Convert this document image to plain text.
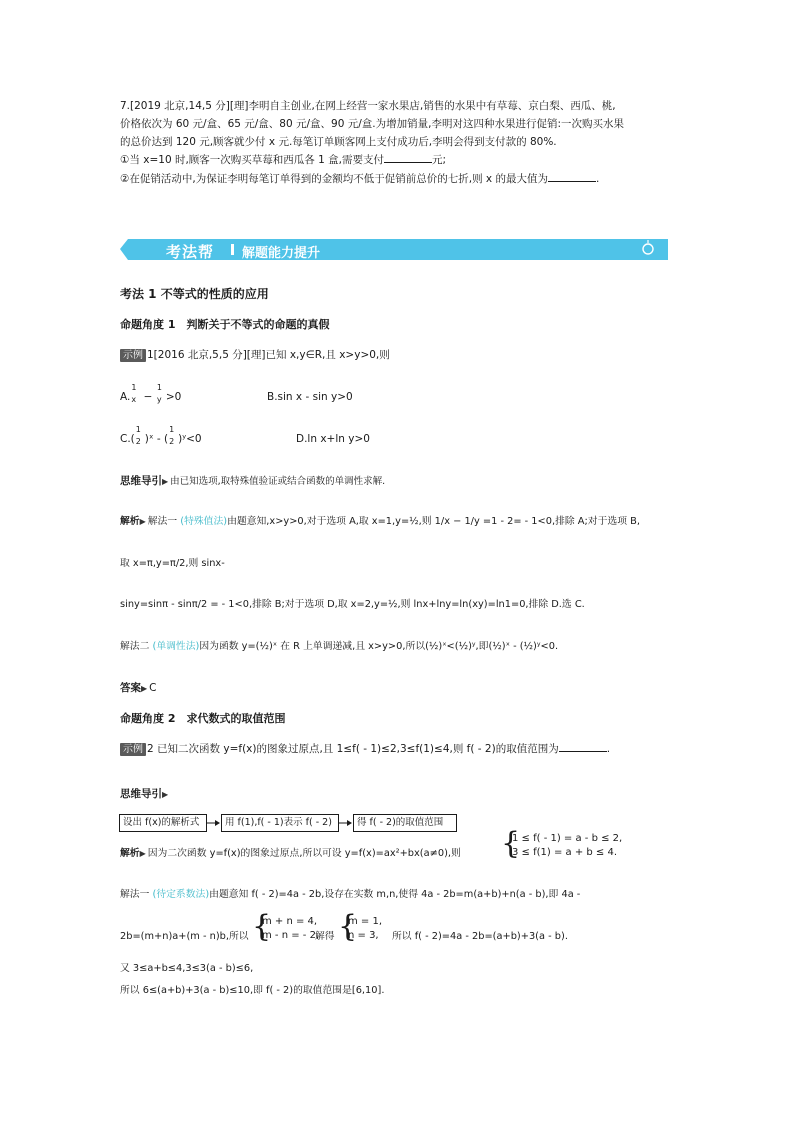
7.[2019 北京,14,5 分][理]李明自主创业,在网上经营一家水果店,销售的水果中有草莓、京白梨、西瓜、桃,
价格依次为 60 元/盒、65 元/盒、80 元/盒、90 元/盒.为增加销量,李明对这四种水果进行促销:一次购买水果
的总价达到 120 元,顾客就少付 x 元.每笔订单顾客网上支付成功后,李明会得到支付款的 80%.
①当 x=10 时,顾客一次购买草莓和西瓜各 1 盒,需要支付	元;
②在促销活动中,为保证李明每笔订单得到的金额均不低于促销前总价的七折,则 x 的最大值为	.
考法帮 解题能力提升
考法 1 不等式的性质的应用
命题角度 1　判断关于不等式的命题的真假
示例 1[2016 北京,5,5 分][理]已知 x,y∈R,且 x>y>0,则
A.
1
x −
1
y >0	B.sin x - sin y>0
C.(
1
2 )ˣ - (
1
2 )ʸ<0	D.ln x+ln y>0
思维导引▶ 由已知选项,取特殊值验证或结合函数的单调性求解.
解析▶ 解法一 (特殊值法)由题意知,x>y>0,对于选项 A,取 x=1,y=½,则 1/x − 1/y =1 - 2= - 1<0,排除 A;对于选项 B,
取 x=π,y=π/2,则 sinx-
siny=sinπ - sinπ/2 = - 1<0,排除 B;对于选项 D,取 x=2,y=½,则 lnx+lny=ln(xy)=ln1=0,排除 D.选 C.
解法二 (单调性法)因为函数 y=(½)ˣ 在 R 上单调递减,且 x>y>0,所以(½)ˣ<(½)ʸ,即(½)ˣ - (½)ʸ<0.
答案▶ C
命题角度 2　求代数式的取值范围
示例 2 已知二次函数 y=f(x)的图象过原点,且 1≤f( - 1)≤2,3≤f(1)≤4,则 f( - 2)的取值范围为	.
思维导引▶
设出 f(x)的解析式	用 f(1),f( - 1)表示 f( - 2)	得 f( - 2)的取值范围
解析▶ 因为二次函数 y=f(x)的图象过原点,所以可设 y=f(x)=ax²+bx(a≠0),则 {
1 ≤ f( - 1) = a - b ≤ 2,
3 ≤ f(1) = a + b ≤ 4.
解法一 (待定系数法)由题意知 f( - 2)=4a - 2b,设存在实数 m,n,使得 4a - 2b=m(a+b)+n(a - b),即 4a -
2b=(m+n)a+(m - n)b,所以 {
m + n = 4,
m - n = - 2,
解得 {
m = 1,
n = 3, 所以 f( - 2)=4a - 2b=(a+b)+3(a - b).
又 3≤a+b≤4,3≤3(a - b)≤6,
所以 6≤(a+b)+3(a - b)≤10,即 f( - 2)的取值范围是[6,10].
